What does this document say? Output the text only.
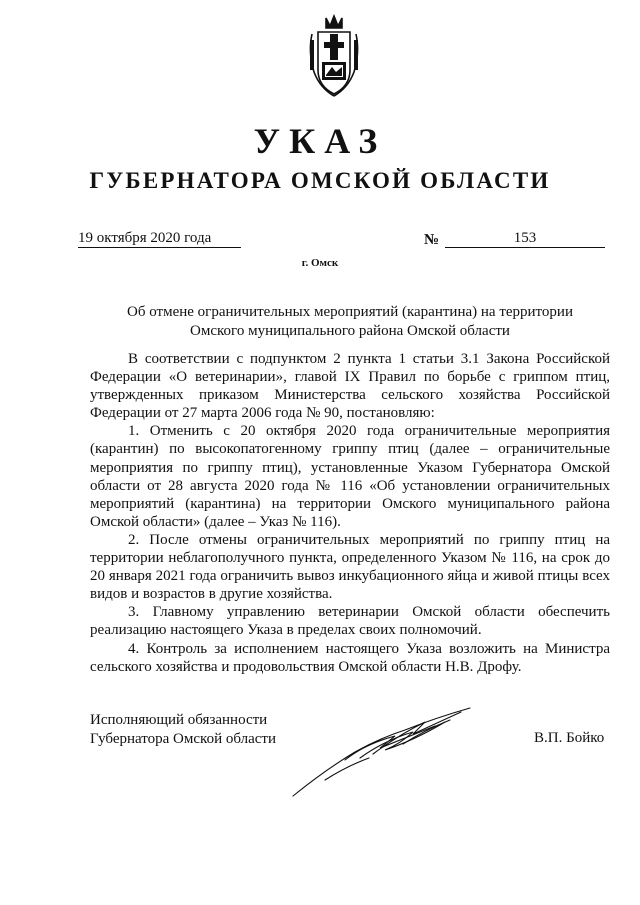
УКАЗ
ГУБЕРНАТОРА ОМСКОЙ ОБЛАСТИ
19 октября 2020 года	№	153
г. Омск
Об отмене ограничительных мероприятий (карантина) на территории
Омского муниципального района Омской области

В соответствии с подпунктом 2 пункта 1 статьи 3.1 Закона Российской Федерации «О ветеринарии», главой IX Правил по борьбе с гриппом птиц, утвержденных приказом Министерства сельского хозяйства Российской Федерации от 27 марта 2006 года № 90, постановляю:

1. Отменить с 20 октября 2020 года ограничительные мероприятия (карантин) по высокопатогенному гриппу птиц (далее – ограничительные мероприятия по гриппу птиц), установленные Указом Губернатора Омской области от 28 августа 2020 года № 116 «Об установлении ограничительных мероприятий (карантина) на территории Омского муниципального района Омской области» (далее – Указ № 116).

2. После отмены ограничительных мероприятий по гриппу птиц на территории неблагополучного пункта, определенного Указом № 116, на срок до 20 января 2021 года ограничить вывоз инкубационного яйца и живой птицы всех видов и возрастов в другие хозяйства.

3. Главному управлению ветеринарии Омской области обеспечить реализацию настоящего Указа в пределах своих полномочий.

4. Контроль за исполнением настоящего Указа возложить на Министра сельского хозяйства и продовольствия Омской области Н.В. Дрофу.

Исполняющий обязанности
Губернатора Омской области	В.П. Бойко
